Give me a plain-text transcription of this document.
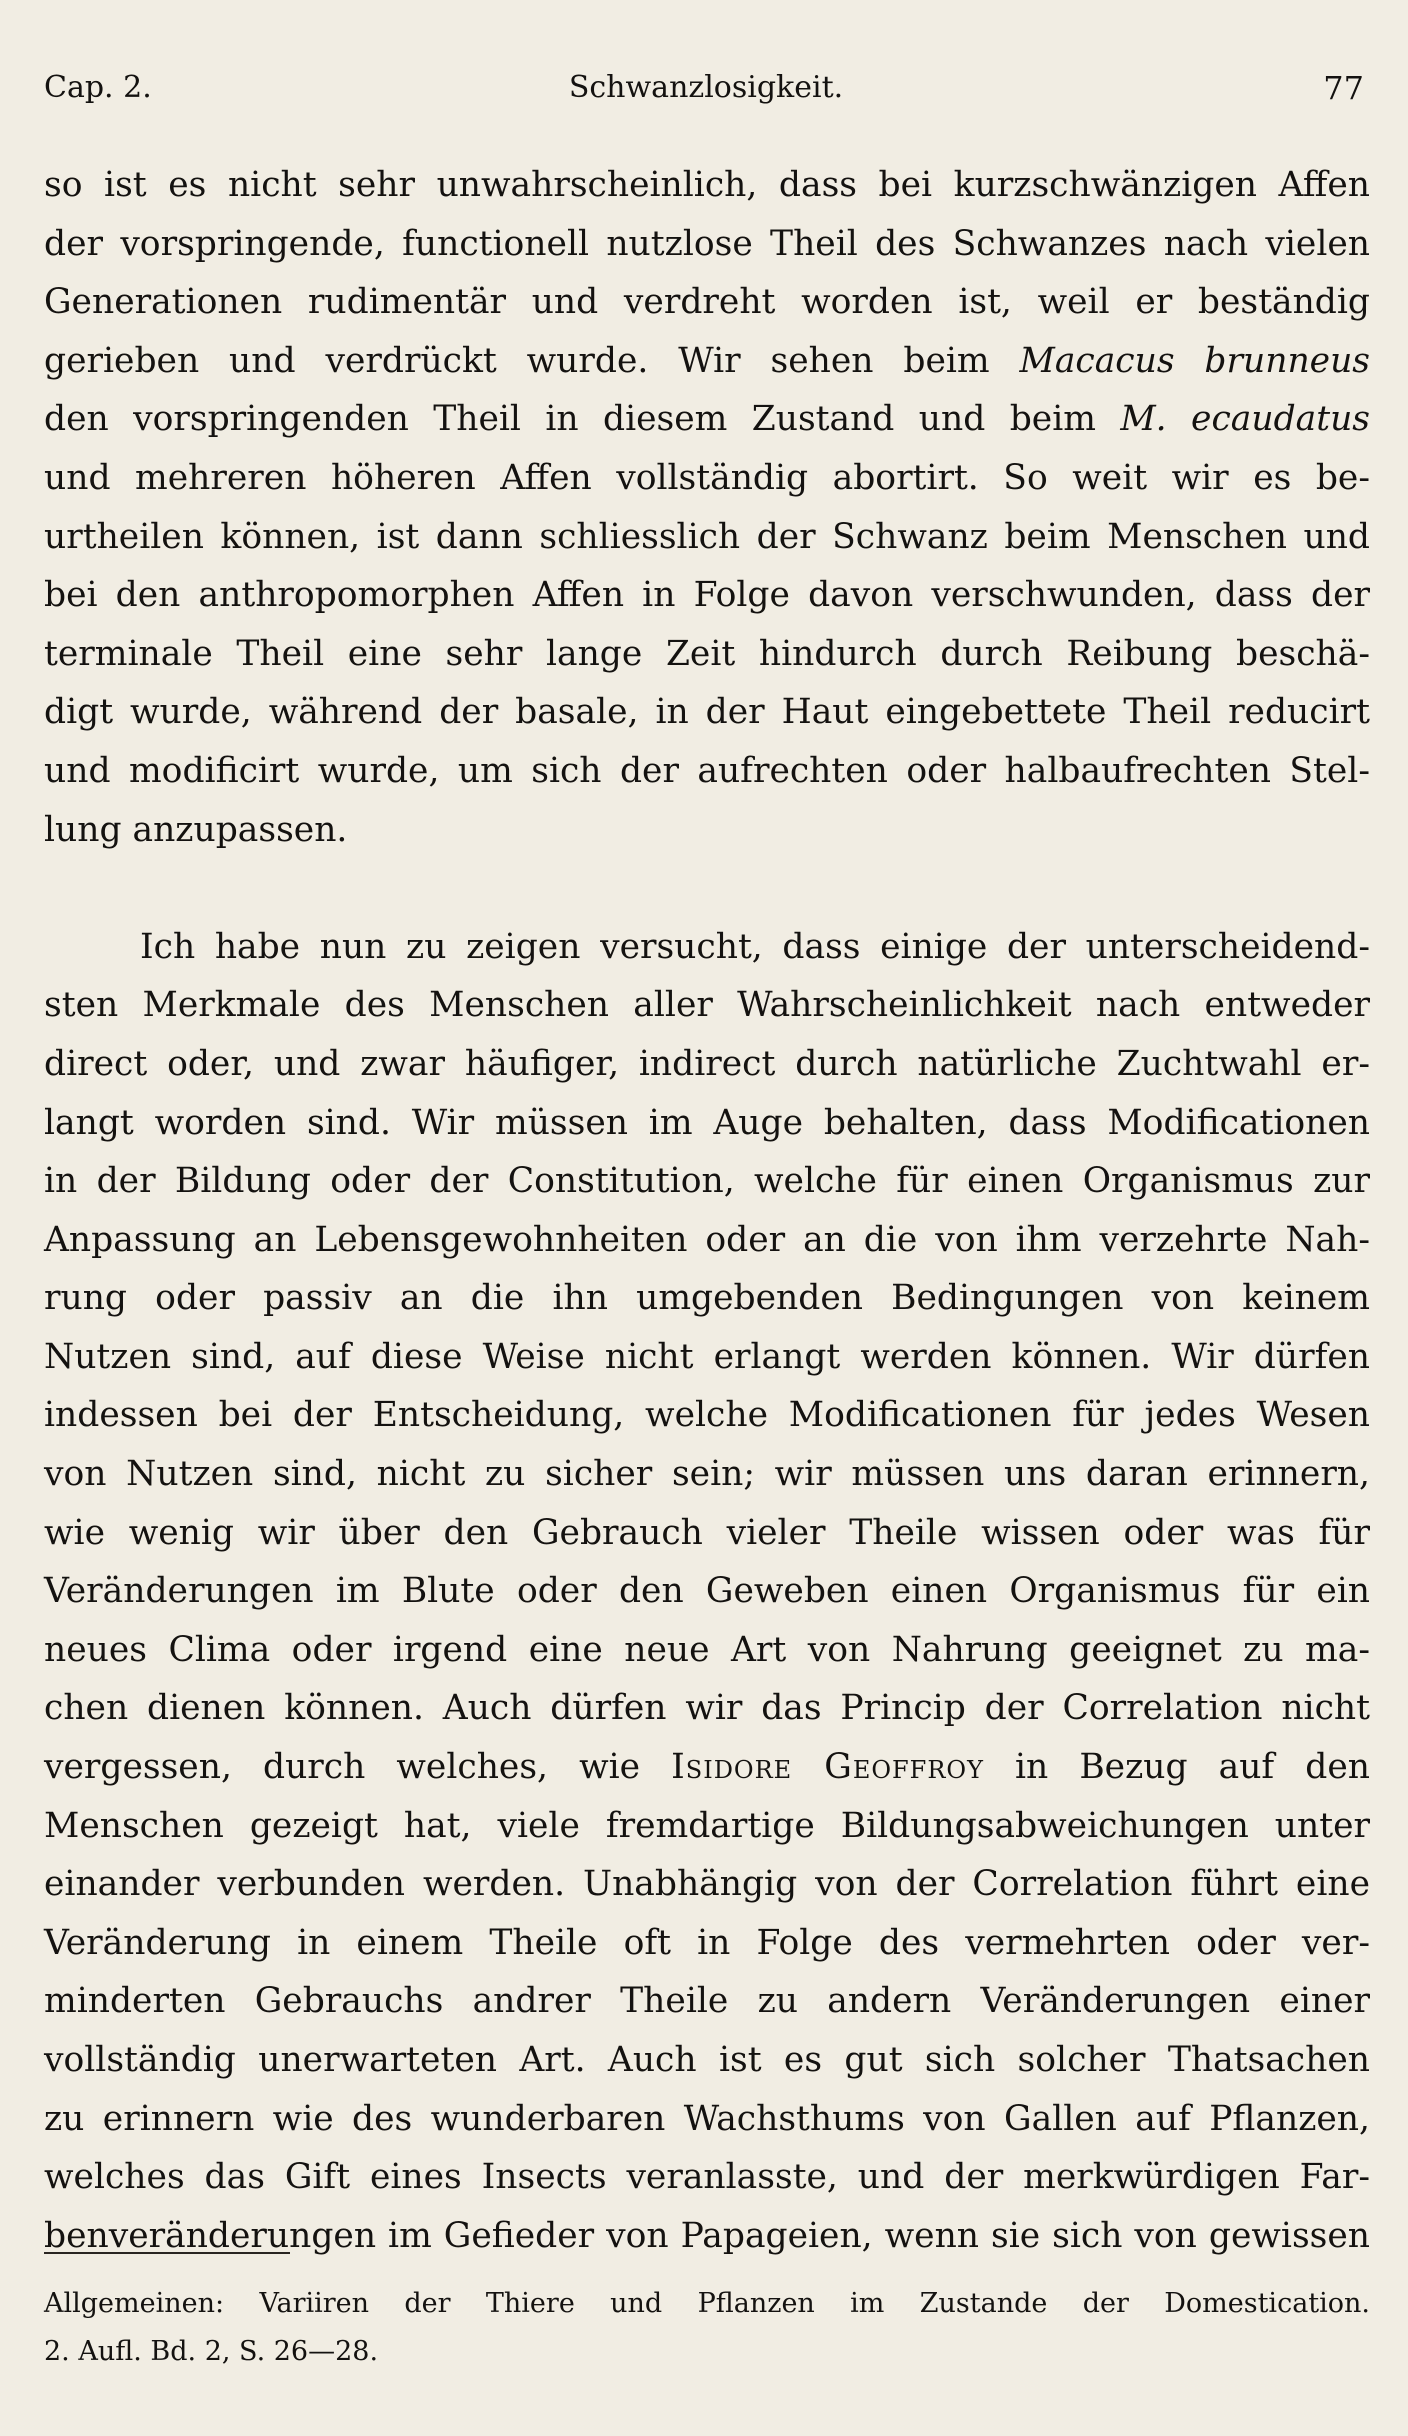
Cap. 2.	Schwanzlosigkeit.	77
so ist es nicht sehr unwahrscheinlich, dass bei kurzschwänzigen Affen
der vorspringende, functionell nutzlose Theil des Schwanzes nach vielen
Generationen rudimentär und verdreht worden ist, weil er beständig
gerieben und verdrückt wurde. Wir sehen beim Macacus brunneus
den vorspringenden Theil in diesem Zustand und beim M. ecaudatus
und mehreren höheren Affen vollständig abortirt. So weit wir es be-
urtheilen können, ist dann schliesslich der Schwanz beim Menschen und
bei den anthropomorphen Affen in Folge davon verschwunden, dass der
terminale Theil eine sehr lange Zeit hindurch durch Reibung beschä-
digt wurde, während der basale, in der Haut eingebettete Theil reducirt
und modificirt wurde, um sich der aufrechten oder halbaufrechten Stel-
lung anzupassen.
Ich habe nun zu zeigen versucht, dass einige der unterscheidend-
sten Merkmale des Menschen aller Wahrscheinlichkeit nach entweder
direct oder, und zwar häufiger, indirect durch natürliche Zuchtwahl er-
langt worden sind. Wir müssen im Auge behalten, dass Modificationen
in der Bildung oder der Constitution, welche für einen Organismus zur
Anpassung an Lebensgewohnheiten oder an die von ihm verzehrte Nah-
rung oder passiv an die ihn umgebenden Bedingungen von keinem
Nutzen sind, auf diese Weise nicht erlangt werden können. Wir dürfen
indessen bei der Entscheidung, welche Modificationen für jedes Wesen
von Nutzen sind, nicht zu sicher sein; wir müssen uns daran erinnern,
wie wenig wir über den Gebrauch vieler Theile wissen oder was für
Veränderungen im Blute oder den Geweben einen Organismus für ein
neues Clima oder irgend eine neue Art von Nahrung geeignet zu ma-
chen dienen können. Auch dürfen wir das Princip der Correlation nicht
vergessen, durch welches, wie Isidore Geoffroy in Bezug auf den
Menschen gezeigt hat, viele fremdartige Bildungsabweichungen unter
einander verbunden werden. Unabhängig von der Correlation führt eine
Veränderung in einem Theile oft in Folge des vermehrten oder ver-
minderten Gebrauchs andrer Theile zu andern Veränderungen einer
vollständig unerwarteten Art. Auch ist es gut sich solcher Thatsachen
zu erinnern wie des wunderbaren Wachsthums von Gallen auf Pflanzen,
welches das Gift eines Insects veranlasste, und der merkwürdigen Far-
benveränderungen im Gefieder von Papageien, wenn sie sich von gewissen
Allgemeinen: Variiren der Thiere und Pflanzen im Zustande der Domestication.
2. Aufl. Bd. 2, S. 26—28.
